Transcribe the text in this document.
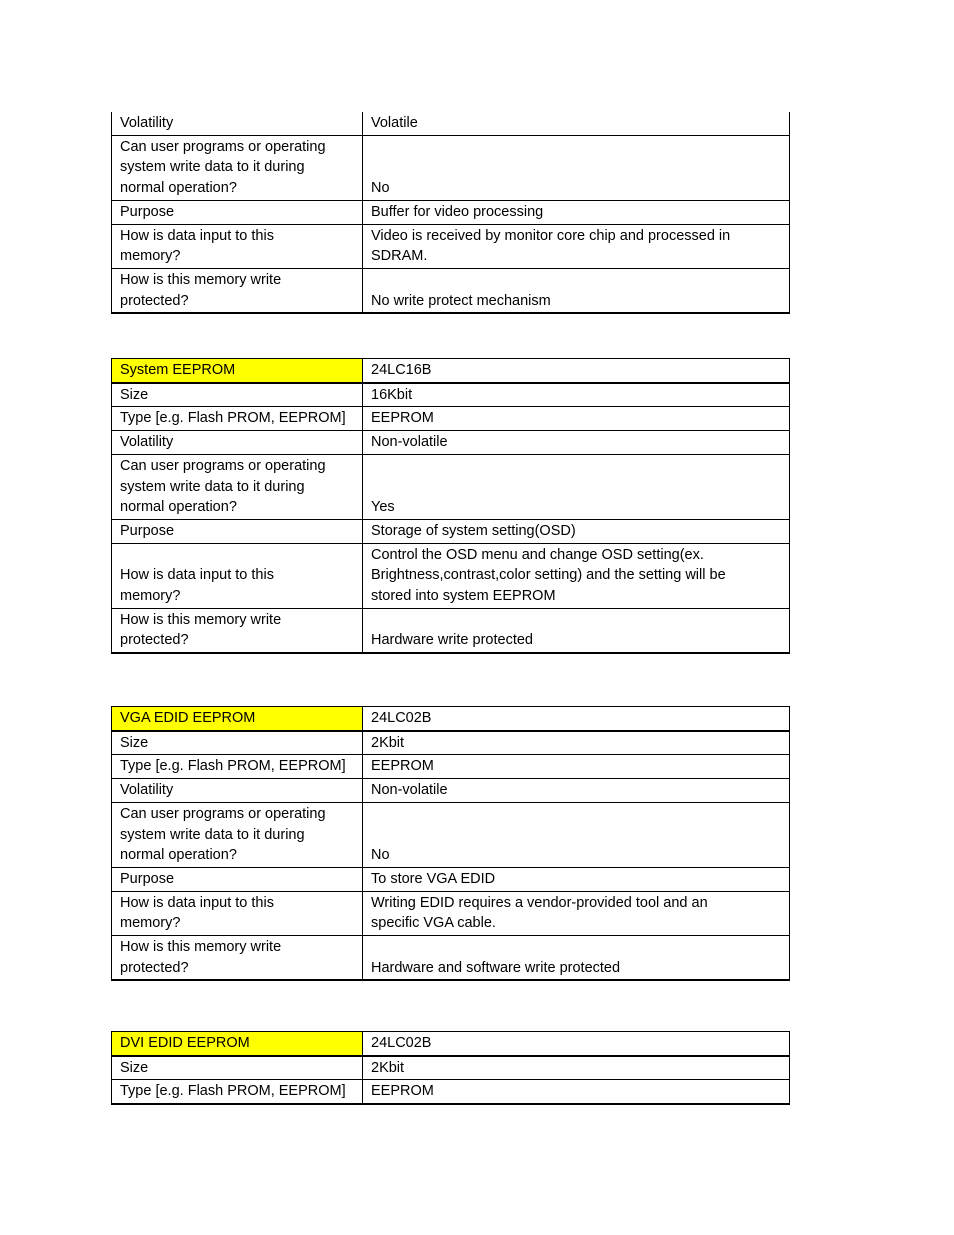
Volatility	Volatile

Can user programs or operating
system write data to it during
normal operation?	No

Purpose	Buffer for video processing

How is data input to this
memory?	Video is received by monitor core chip and processed in
SDRAM.

How is this memory write
protected?	No write protect mechanism
System EEPROM	24LC16B

Size	16Kbit

Type [e.g. Flash PROM, EEPROM]	EEPROM

Volatility	Non-volatile

Can user programs or operating
system write data to it during
normal operation?	Yes

Purpose	Storage of system setting(OSD)

How is data input to this
memory?	Control the OSD menu and change OSD setting(ex.
Brightness,contrast,color setting) and the setting will be
stored into system EEPROM

How is this memory write
protected?	Hardware write protected
VGA EDID EEPROM	24LC02B

Size	2Kbit

Type [e.g. Flash PROM, EEPROM]	EEPROM

Volatility	Non-volatile

Can user programs or operating
system write data to it during
normal operation?	No

Purpose	To store VGA EDID

How is data input to this
memory?	Writing EDID requires a vendor-provided tool and an
specific VGA cable.

How is this memory write
protected?	Hardware and software write protected
DVI EDID EEPROM	24LC02B

Size	2Kbit

Type [e.g. Flash PROM, EEPROM]	EEPROM
